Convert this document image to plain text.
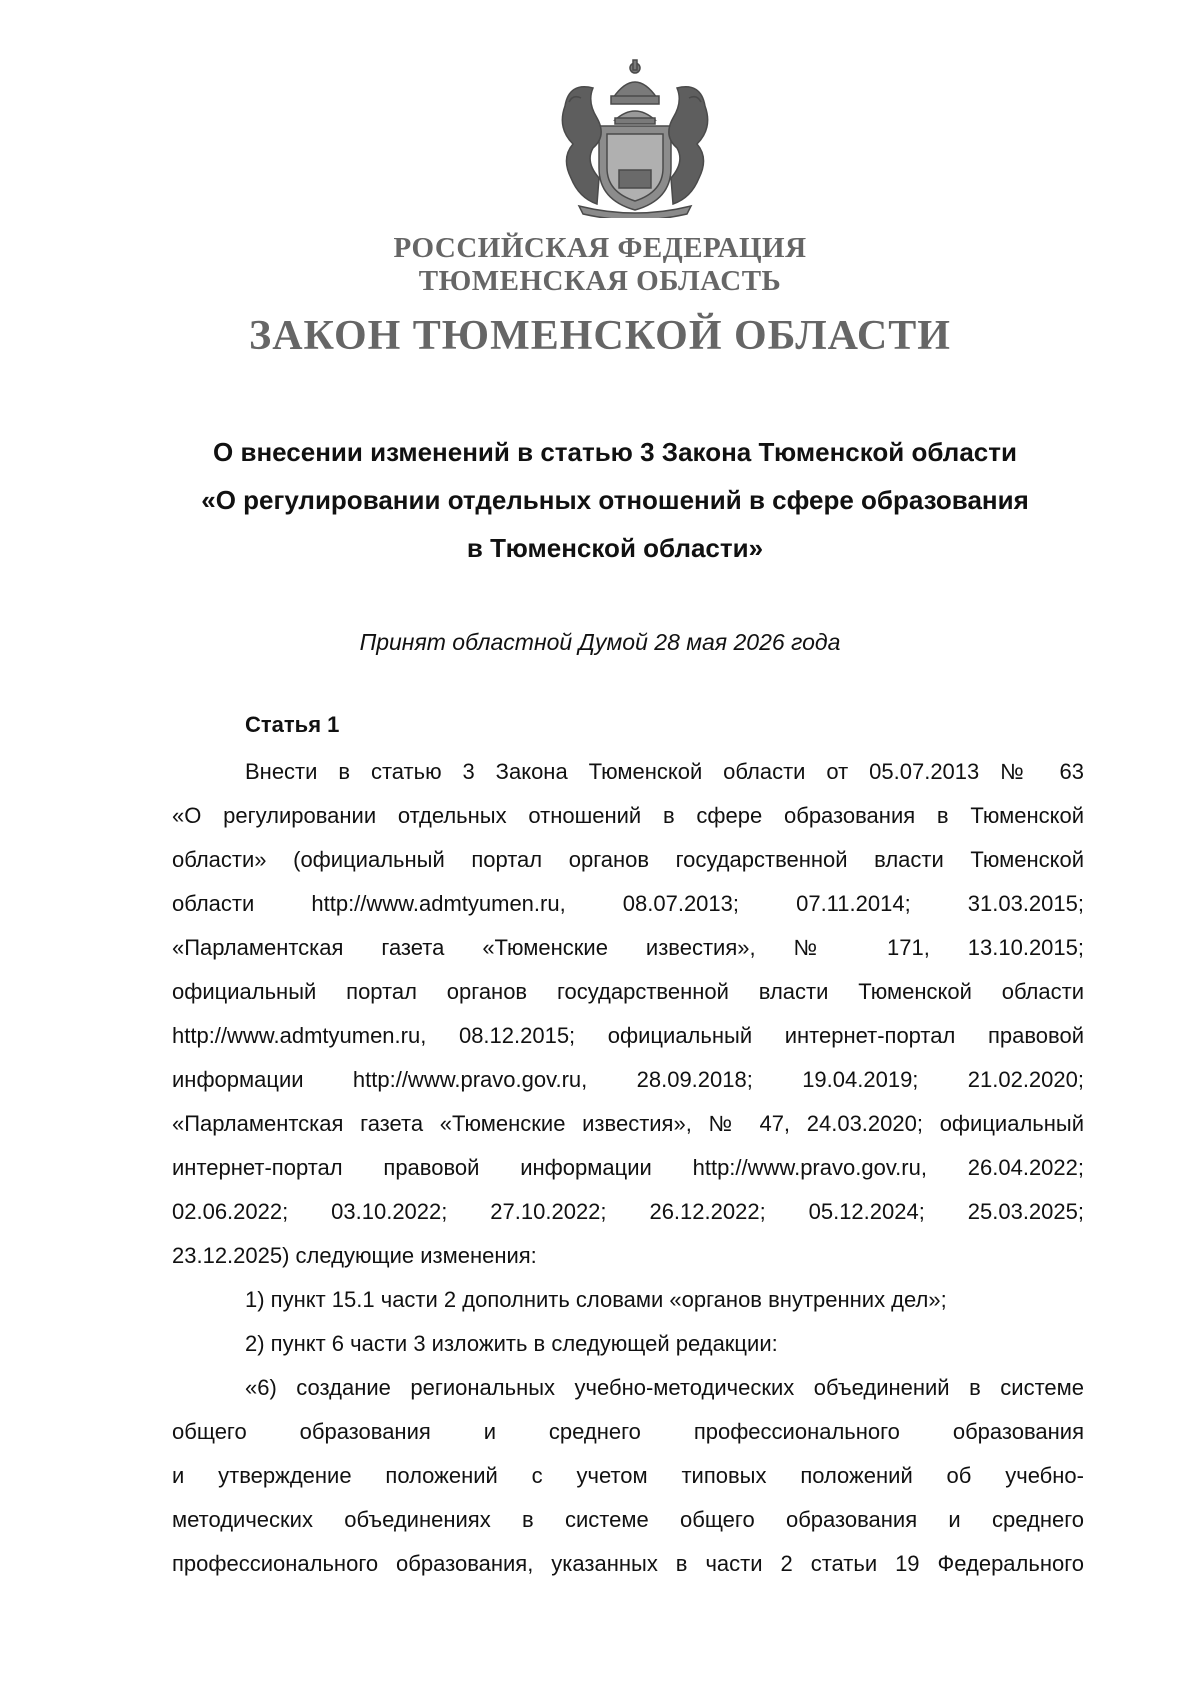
РОССИЙСКАЯ ФЕДЕРАЦИЯ
ТЮМЕНСКАЯ ОБЛАСТЬ
ЗАКОН ТЮМЕНСКОЙ ОБЛАСТИ
О внесении изменений в статью 3 Закона Тюменской области
«О регулировании отдельных отношений в сфере образования
в Тюменской области»
Принят областной Думой 28 мая 2026 года
Статья 1
Внести в статью 3 Закона Тюменской области от 05.07.2013 № 63
«О регулировании отдельных отношений в сфере образования в Тюменской
области» (официальный портал органов государственной власти Тюменской
области http://www.admtyumen.ru, 08.07.2013; 07.11.2014; 31.03.2015;
«Парламентская газета «Тюменские известия», № 171, 13.10.2015;
официальный портал органов государственной власти Тюменской области
http://www.admtyumen.ru, 08.12.2015; официальный интернет-портал правовой
информации http://www.pravo.gov.ru, 28.09.2018; 19.04.2019; 21.02.2020;
«Парламентская газета «Тюменские известия», № 47, 24.03.2020; официальный
интернет-портал правовой информации http://www.pravo.gov.ru, 26.04.2022;
02.06.2022; 03.10.2022; 27.10.2022; 26.12.2022; 05.12.2024; 25.03.2025;
23.12.2025) следующие изменения:
1) пункт 15.1 части 2 дополнить словами «органов внутренних дел»;
2) пункт 6 части 3 изложить в следующей редакции:
«6) создание региональных учебно-методических объединений в системе
общего образования и среднего профессионального образования
и утверждение положений с учетом типовых положений об учебно-
методических объединениях в системе общего образования и среднего
профессионального образования, указанных в части 2 статьи 19 Федерального
